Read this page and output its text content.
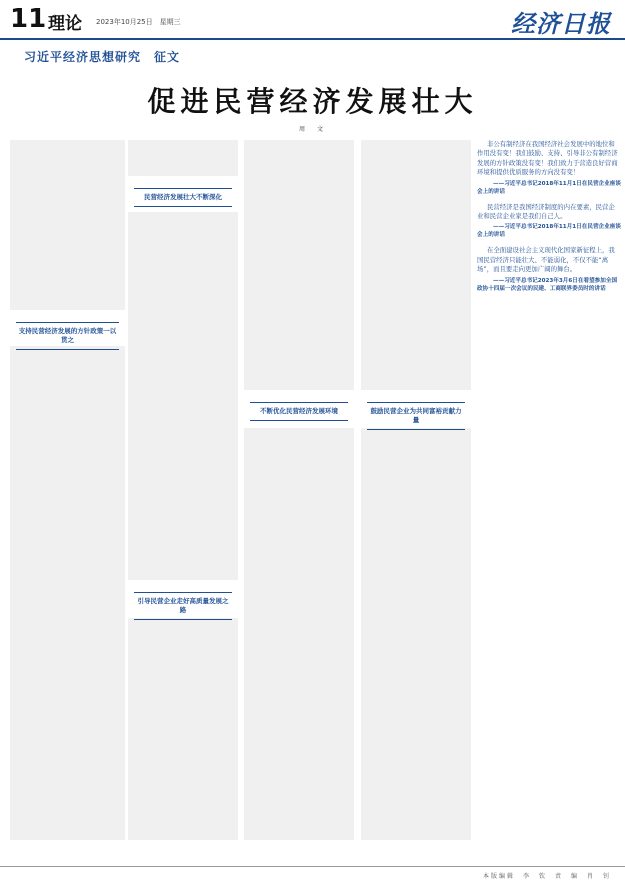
11 理论 2023年10月25日　星期三	经济日报
习近平经济思想研究　征文
促进民营经济发展壮大
周　文
支持民营经济发展的方针政策一以贯之
民营经济发展壮大不断深化
引导民营企业走好高质量发展之路
不断优化民营经济发展环境	鼓励民营企业为共同富裕贡献力量
非公有制经济在我国经济社会发展中的地位和作用没有变！我们鼓励、支持、引导非公有制经济发展的方针政策没有变！我们致力于营造良好营商环境和提供优质服务的方向没有变！
——习近平总书记2018年11月1日在民营企业座谈会上的讲话
民营经济是我国经济制度的内在要素，民营企业和民营企业家是我们自己人。
——习近平总书记2018年11月1日在民营企业座谈会上的讲话
在全面建设社会主义现代化国家新征程上，我国民营经济只能壮大、不能弱化，不仅不能“离场”，而且要走向更加广阔的舞台。
——习近平总书记2023年3月6日在看望参加全国政协十四届一次会议的民建、工商联界委员时的讲话
本版编辑　李　钦　责　编　肖　钊
